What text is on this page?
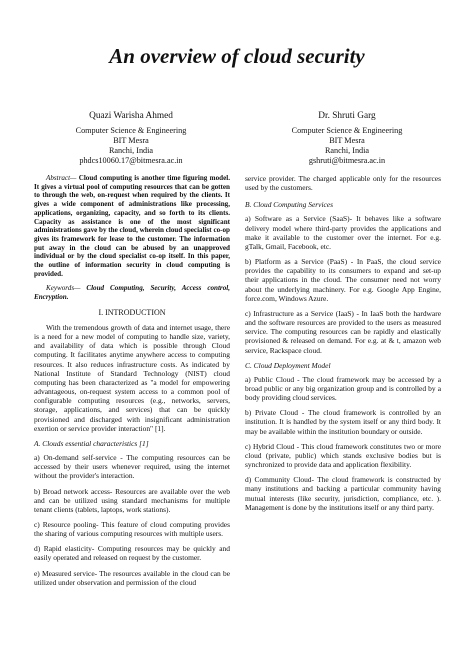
An overview of cloud security
Quazi Warisha Ahmed
Computer Science & Engineering
BIT Mesra
Ranchi, India
phdcs10060.17@bitmesra.ac.in
Dr. Shruti Garg
Computer Science & Engineering
BIT Mesra
Ranchi, India
gshruti@bitmesra.ac.in

Abstract— Cloud computing is another time figuring model. It gives a virtual pool of computing resources that can be gotten to through the web, on-request when required by the clients. It gives a wide component of administrations like processing, applications, organizing, capacity, and so forth to its clients. Capacity as assistance is one of the most significant administrations gave by the cloud, wherein cloud specialist co-op gives its framework for lease to the customer. The information put away in the cloud can be abused by an unapproved individual or by the cloud specialist co-op itself. In this paper, the outline of information security in cloud computing is provided.

Keywords— Cloud Computing, Security, Access control, Encryption.

I. INTRODUCTION

With the tremendous growth of data and internet usage, there is a need for a new model of computing to handle size, variety, and availability of data which is possible through Cloud computing. It facilitates anytime anywhere access to computing resources. It also reduces infrastructure costs. As indicated by National Institute of Standard Technology (NIST) cloud computing has been characterized as "a model for empowering advantageous, on-request system access to a common pool of configurable computing resources (e.g., networks, servers, storage, applications, and services) that can be quickly provisioned and discharged with insignificant administration exertion or service provider interaction" [1].

A. Clouds essential characteristics [1]

a) On-demand self-service - The computing resources can be accessed by their users whenever required, using the internet without the provider's interaction.

b) Broad network access- Resources are available over the web and can be utilized using standard mechanisms for multiple tenant clients (tablets, laptops, work stations).

c) Resource pooling- This feature of cloud computing provides the sharing of various computing resources with multiple users.

d) Rapid elasticity- Computing resources may be quickly and easily operated and released on request by the customer.

e) Measured service- The resources available in the cloud can be utilized under observation and permission of the cloud

service provider. The charged applicable only for the resources used by the customers.

B. Cloud Computing Services

a) Software as a Service (SaaS)- It behaves like a software delivery model where third-party provides the applications and make it available to the customer over the internet. For e.g. gTalk, Gmail, Facebook, etc.

b) Platform as a Service (PaaS) - In PaaS, the cloud service provides the capability to its consumers to expand and set-up their applications in the cloud. The consumer need not worry about the underlying machinery. For e.g. Google App Engine, force.com, Windows Azure.

c) Infrastructure as a Service (IaaS) - In IaaS both the hardware and the software resources are provided to the users as measured service. The computing resources can be rapidly and elastically provisioned & released on demand. For e.g. at & t, amazon web service, Rackspace cloud.

C. Cloud Deployment Model

a) Public Cloud - The cloud framework may be accessed by a broad public or any big organization group and is controlled by a body providing cloud services.

b) Private Cloud - The cloud framework is controlled by an institution. It is handled by the system itself or any third body. It may be available within the institution boundary or outside.

c) Hybrid Cloud - This cloud framework constitutes two or more cloud (private, public) which stands exclusive bodies but is synchronized to provide data and application flexibility.

d) Community Cloud- The cloud framework is constructed by many institutions and backing a particular community having mutual interests (like security, jurisdiction, compliance, etc. ). Management is done by the institutions itself or any third party.
